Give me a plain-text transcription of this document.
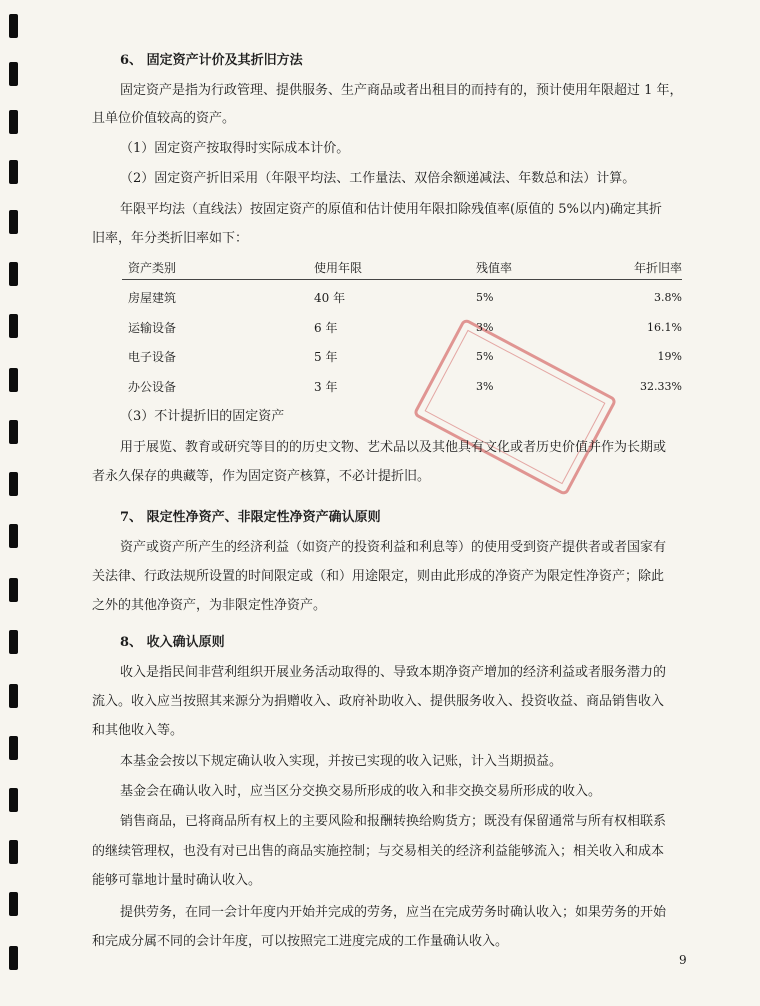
6、 固定资产计价及其折旧方法
固定资产是指为行政管理、提供服务、生产商品或者出租目的而持有的，预计使用年限超过 1 年，
且单位价值较高的资产。
（1）固定资产按取得时实际成本计价。
（2）固定资产折旧采用（年限平均法、工作量法、双倍余额递减法、年数总和法）计算。
年限平均法（直线法）按固定资产的原值和估计使用年限扣除残值率(原值的 5%以内)确定其折
旧率，年分类折旧率如下：
资产类别	使用年限	残值率	年折旧率
房屋建筑	40 年	5%	3.8%
运输设备	6 年	3%	16.1%
电子设备	5 年	5%	19%
办公设备	3 年	3%	32.33%
（3）不计提折旧的固定资产
用于展览、教育或研究等目的的历史文物、艺术品以及其他具有文化或者历史价值并作为长期或
者永久保存的典藏等，作为固定资产核算，不必计提折旧。
7、 限定性净资产、非限定性净资产确认原则
资产或资产所产生的经济利益（如资产的投资利益和利息等）的使用受到资产提供者或者国家有
关法律、行政法规所设置的时间限定或（和）用途限定，则由此形成的净资产为限定性净资产；除此
之外的其他净资产，为非限定性净资产。
8、 收入确认原则
收入是指民间非营利组织开展业务活动取得的、导致本期净资产增加的经济利益或者服务潜力的
流入。收入应当按照其来源分为捐赠收入、政府补助收入、提供服务收入、投资收益、商品销售收入
和其他收入等。
本基金会按以下规定确认收入实现，并按已实现的收入记账，计入当期损益。
基金会在确认收入时，应当区分交换交易所形成的收入和非交换交易所形成的收入。
销售商品，已将商品所有权上的主要风险和报酬转换给购货方；既没有保留通常与所有权相联系
的继续管理权，也没有对已出售的商品实施控制；与交易相关的经济利益能够流入；相关收入和成本
能够可靠地计量时确认收入。
提供劳务，在同一会计年度内开始并完成的劳务，应当在完成劳务时确认收入；如果劳务的开始
和完成分属不同的会计年度，可以按照完工进度完成的工作量确认收入。
9
